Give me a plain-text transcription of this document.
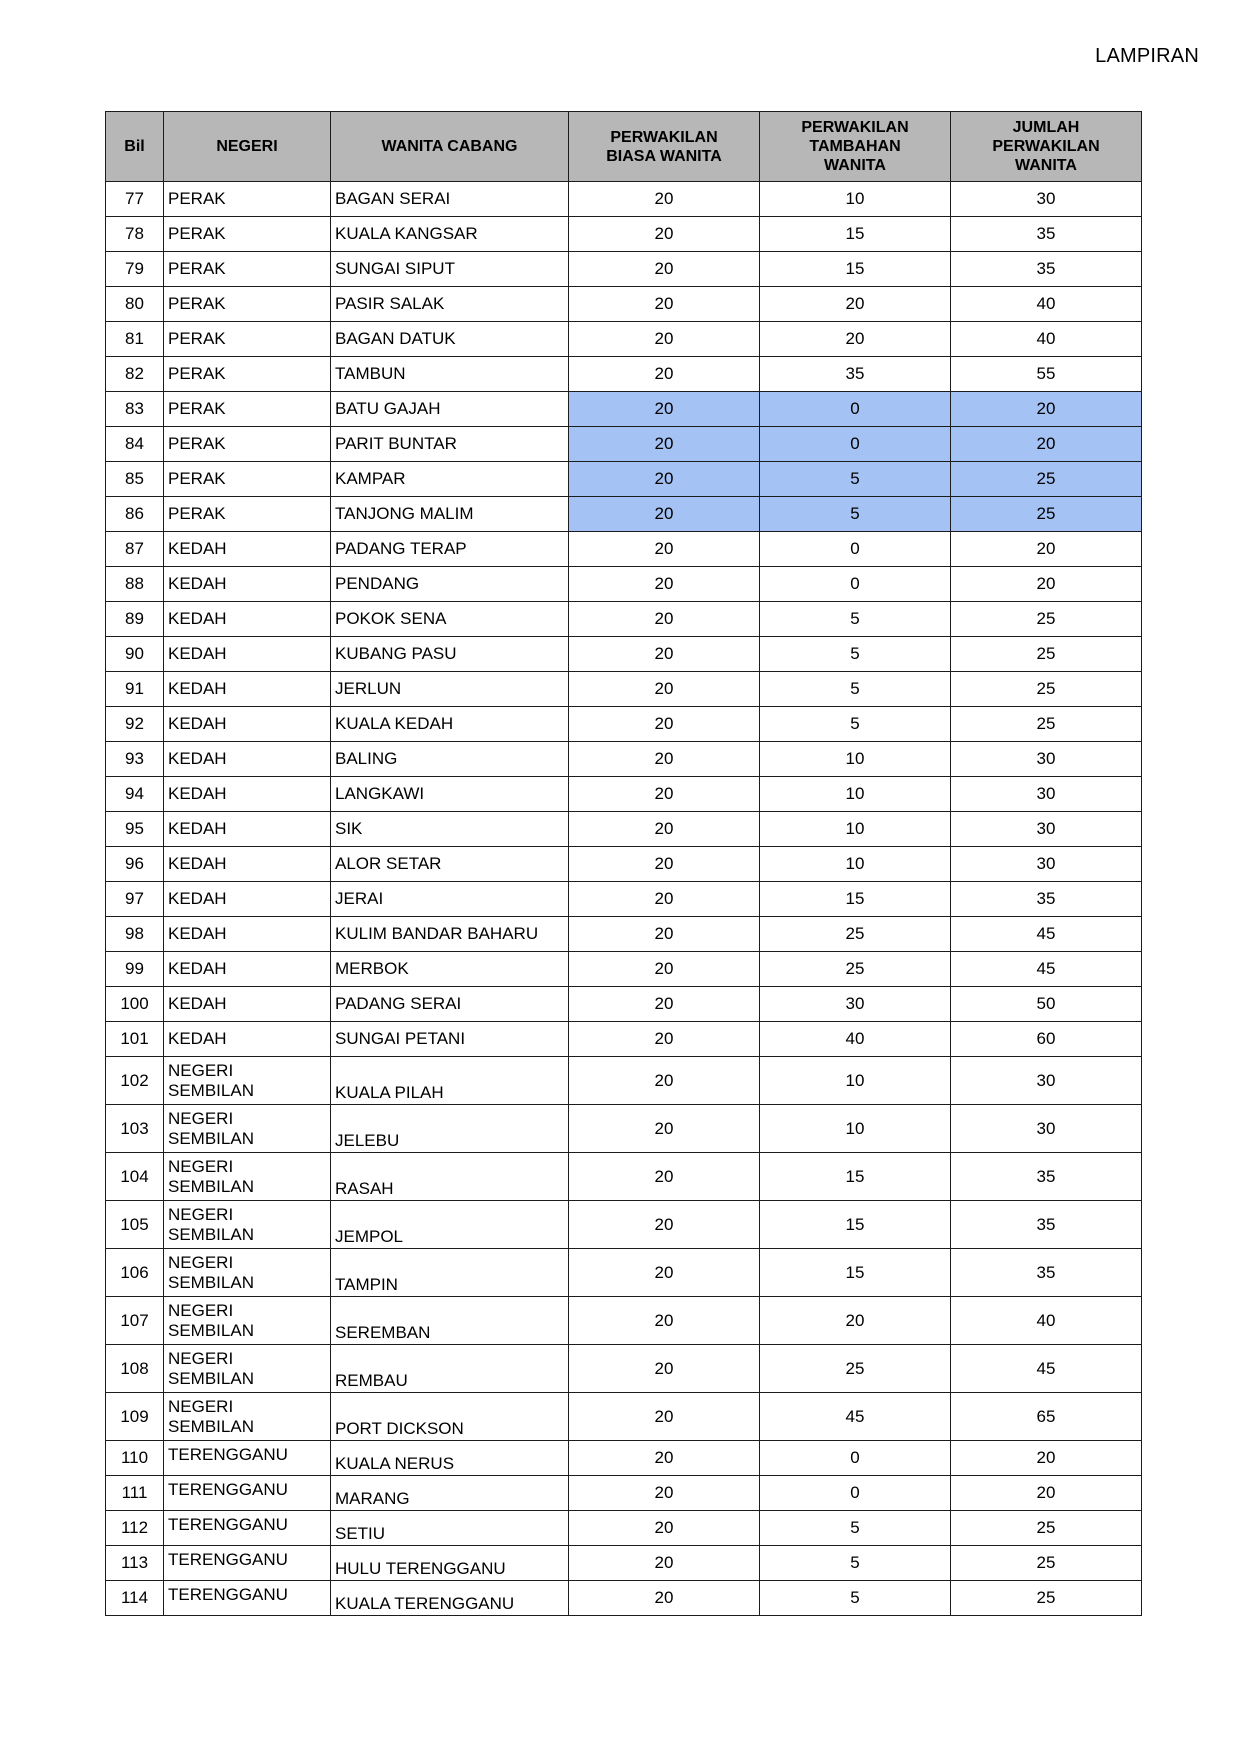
LAMPIRAN
Bil	NEGERI	WANITA CABANG	PERWAKILAN BIASA WANITA	PERWAKILAN TAMBAHAN WANITA	JUMLAH PERWAKILAN WANITA
77	PERAK	BAGAN SERAI	20	10	30
78	PERAK	KUALA KANGSAR	20	15	35
79	PERAK	SUNGAI SIPUT	20	15	35
80	PERAK	PASIR SALAK	20	20	40
81	PERAK	BAGAN DATUK	20	20	40
82	PERAK	TAMBUN	20	35	55
83	PERAK	BATU GAJAH	20	0	20
84	PERAK	PARIT BUNTAR	20	0	20
85	PERAK	KAMPAR	20	5	25
86	PERAK	TANJONG MALIM	20	5	25
87	KEDAH	PADANG TERAP	20	0	20
88	KEDAH	PENDANG	20	0	20
89	KEDAH	POKOK SENA	20	5	25
90	KEDAH	KUBANG PASU	20	5	25
91	KEDAH	JERLUN	20	5	25
92	KEDAH	KUALA KEDAH	20	5	25
93	KEDAH	BALING	20	10	30
94	KEDAH	LANGKAWI	20	10	30
95	KEDAH	SIK	20	10	30
96	KEDAH	ALOR SETAR	20	10	30
97	KEDAH	JERAI	20	15	35
98	KEDAH	KULIM BANDAR BAHARU	20	25	45
99	KEDAH	MERBOK	20	25	45
100	KEDAH	PADANG SERAI	20	30	50
101	KEDAH	SUNGAI PETANI	20	40	60
102	NEGERI SEMBILAN	KUALA PILAH	20	10	30
103	NEGERI SEMBILAN	JELEBU	20	10	30
104	NEGERI SEMBILAN	RASAH	20	15	35
105	NEGERI SEMBILAN	JEMPOL	20	15	35
106	NEGERI SEMBILAN	TAMPIN	20	15	35
107	NEGERI SEMBILAN	SEREMBAN	20	20	40
108	NEGERI SEMBILAN	REMBAU	20	25	45
109	NEGERI SEMBILAN	PORT DICKSON	20	45	65
110	TERENGGANU	KUALA NERUS	20	0	20
111	TERENGGANU	MARANG	20	0	20
112	TERENGGANU	SETIU	20	5	25
113	TERENGGANU	HULU TERENGGANU	20	5	25
114	TERENGGANU	KUALA TERENGGANU	20	5	25
